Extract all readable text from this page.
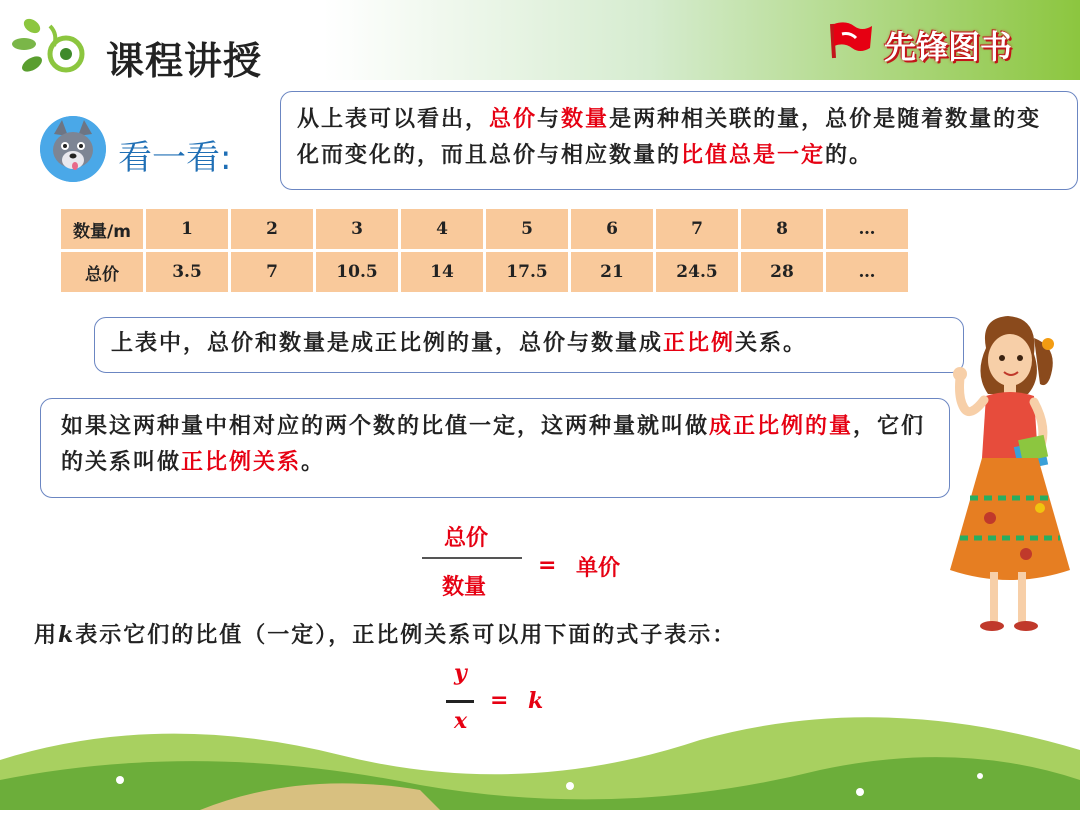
课程讲授	先锋图书
看一看:
从上表可以看出，总价与数量是两种相关联的量，总价是随着数量的变化而变化的，而且总价与相应数量的比值总是一定的。
数量/m	1	2	3	4	5	6	7	8	…
总价	3.5	7	10.5	14	17.5	21	24.5	28	…
上表中，总价和数量是成正比例的量，总价与数量成正比例关系。
如果这两种量中相对应的两个数的比值一定，这两种量就叫做成正比例的量，它们的关系叫做正比例关系。
总价
数量
= 单价
用k表示它们的比值（一定），正比例关系可以用下面的式子表示：
y
x
= k
